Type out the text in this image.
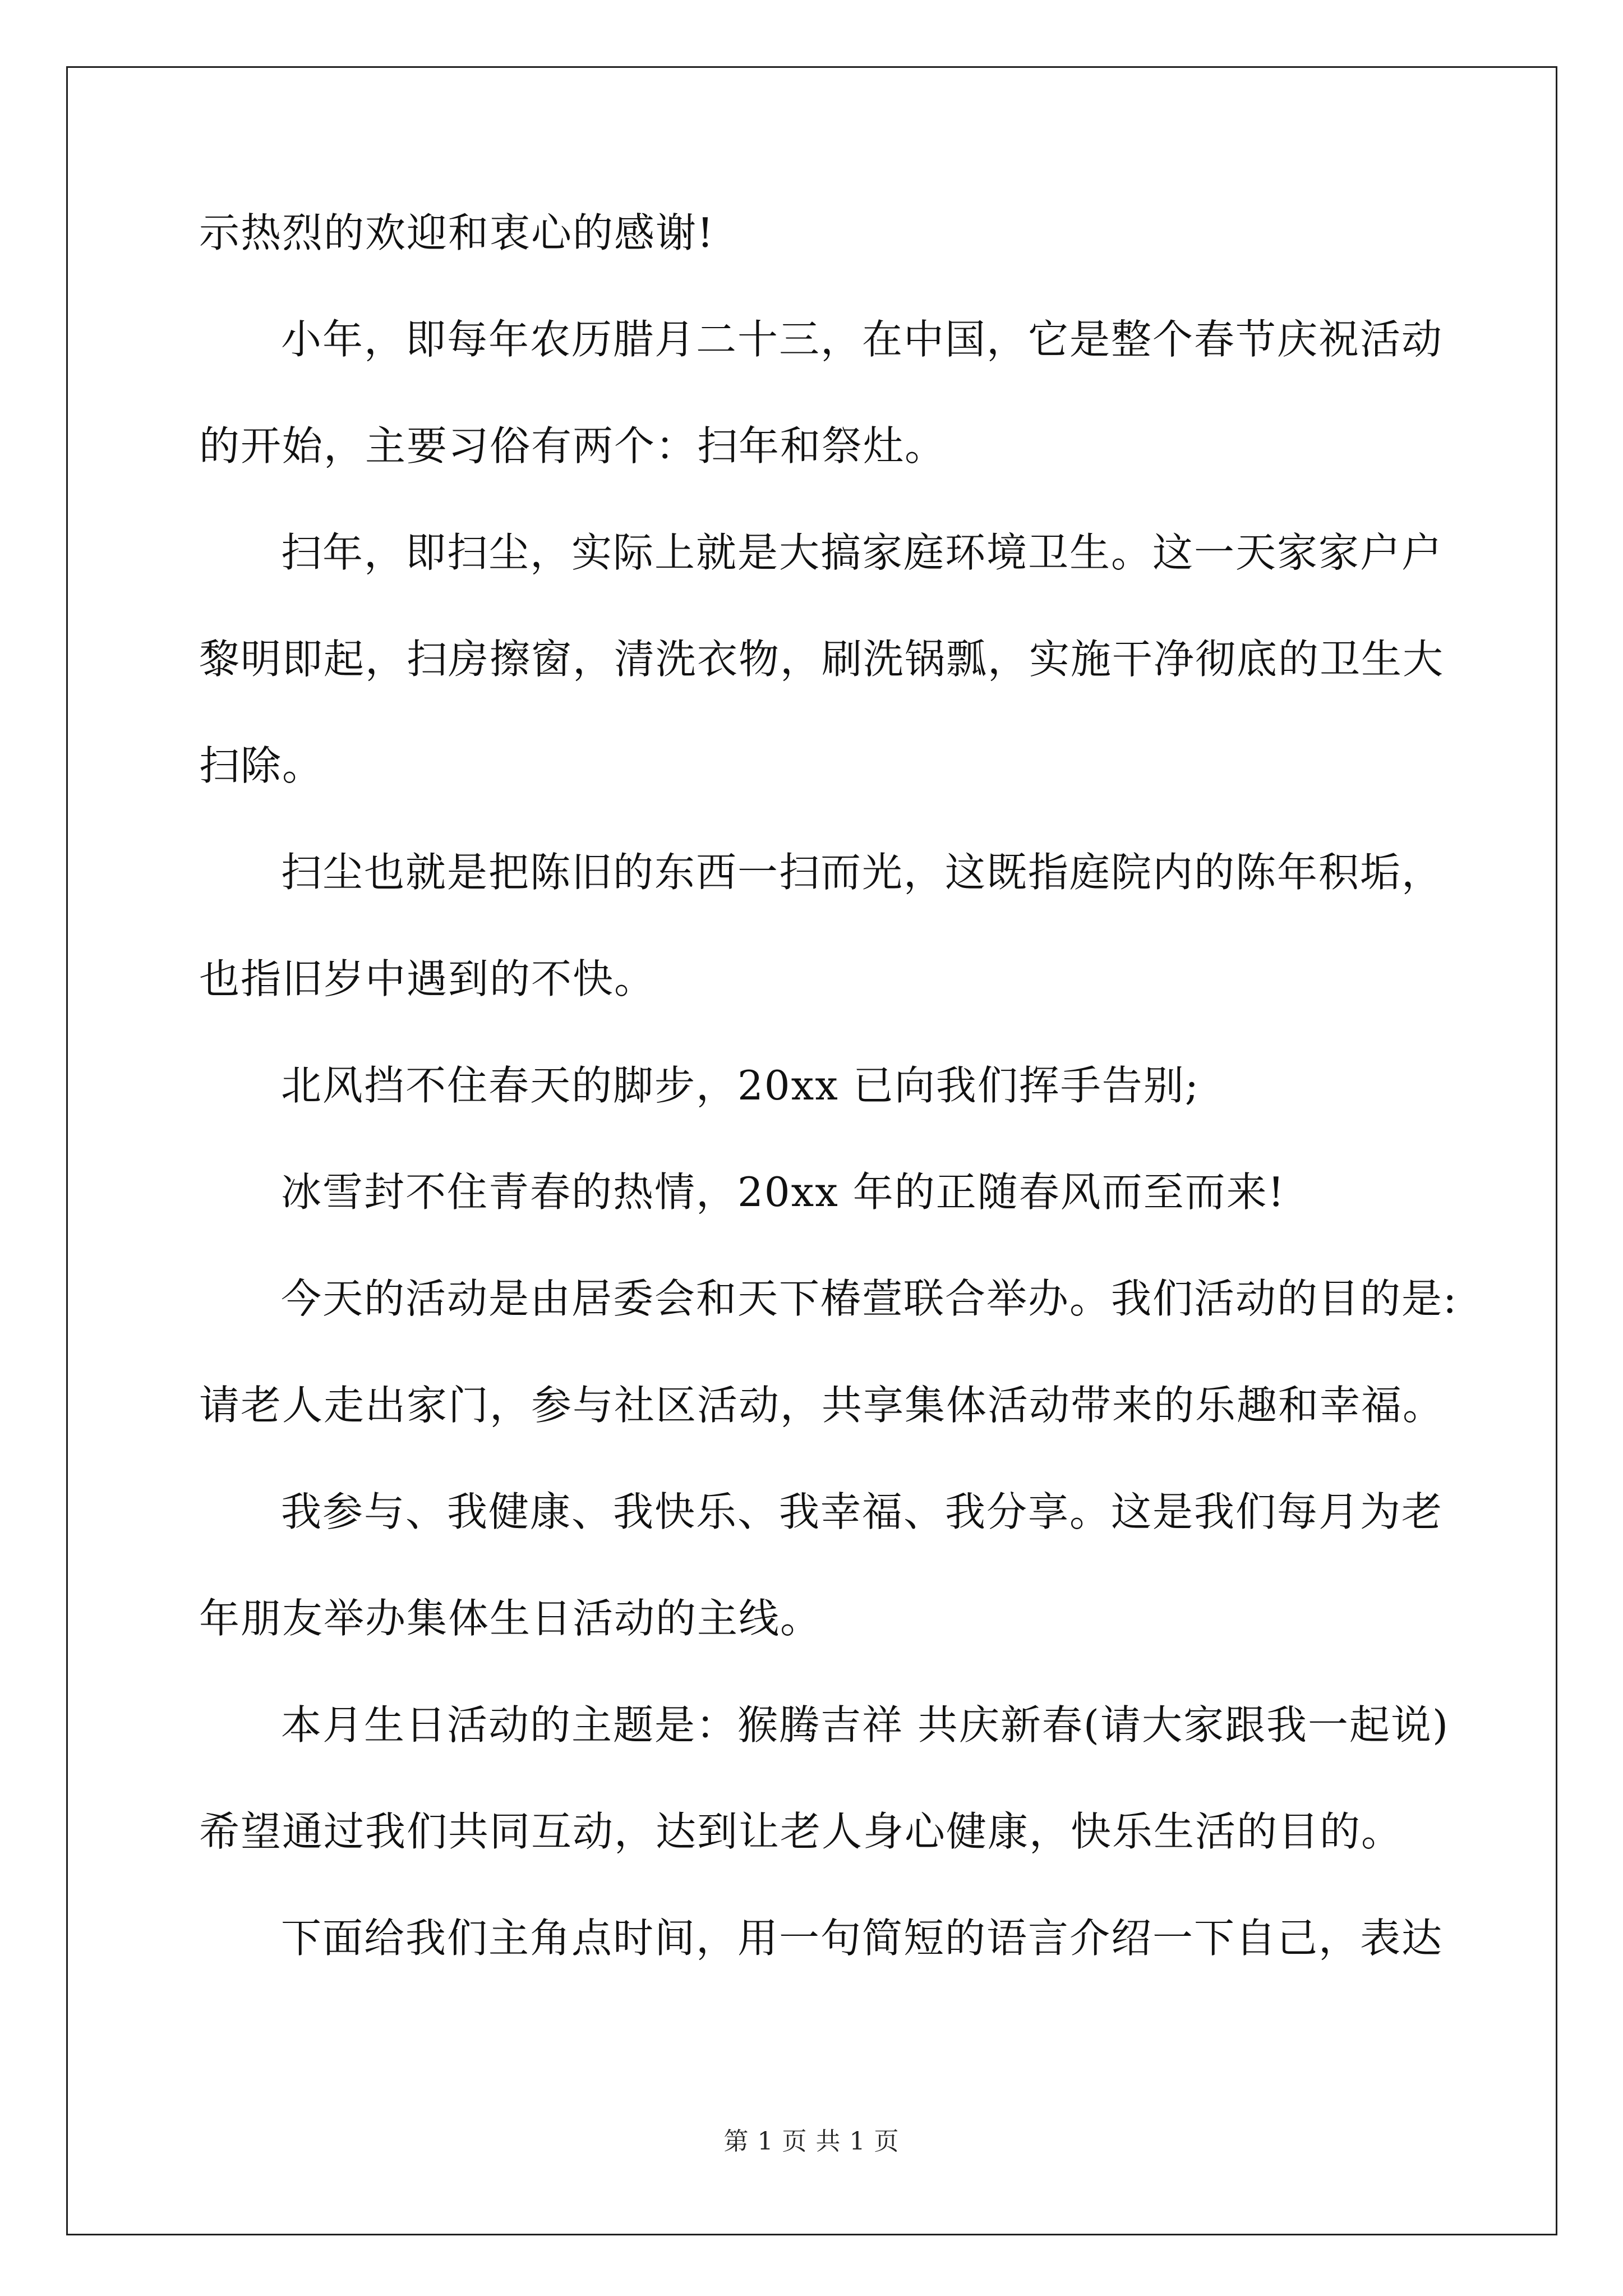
示热烈的欢迎和衷心的感谢!
小年，即每年农历腊月二十三，在中国，它是整个春节庆祝活动
的开始，主要习俗有两个：扫年和祭灶。
扫年，即扫尘，实际上就是大搞家庭环境卫生。这一天家家户户
黎明即起，扫房擦窗，清洗衣物，刷洗锅瓢，实施干净彻底的卫生大
扫除。
扫尘也就是把陈旧的东西一扫而光，这既指庭院内的陈年积垢，
也指旧岁中遇到的不快。
北风挡不住春天的脚步，20xx 已向我们挥手告别;
冰雪封不住青春的热情，20xx 年的正随春风而至而来!
今天的活动是由居委会和天下椿萱联合举办。我们活动的目的是:
请老人走出家门，参与社区活动，共享集体活动带来的乐趣和幸福。
我参与、我健康、我快乐、我幸福、我分享。这是我们每月为老
年朋友举办集体生日活动的主线。
本月生日活动的主题是：猴腾吉祥 共庆新春(请大家跟我一起说)
希望通过我们共同互动，达到让老人身心健康，快乐生活的目的。
下面给我们主角点时间，用一句简短的语言介绍一下自己，表达
第 1 页 共 1 页
